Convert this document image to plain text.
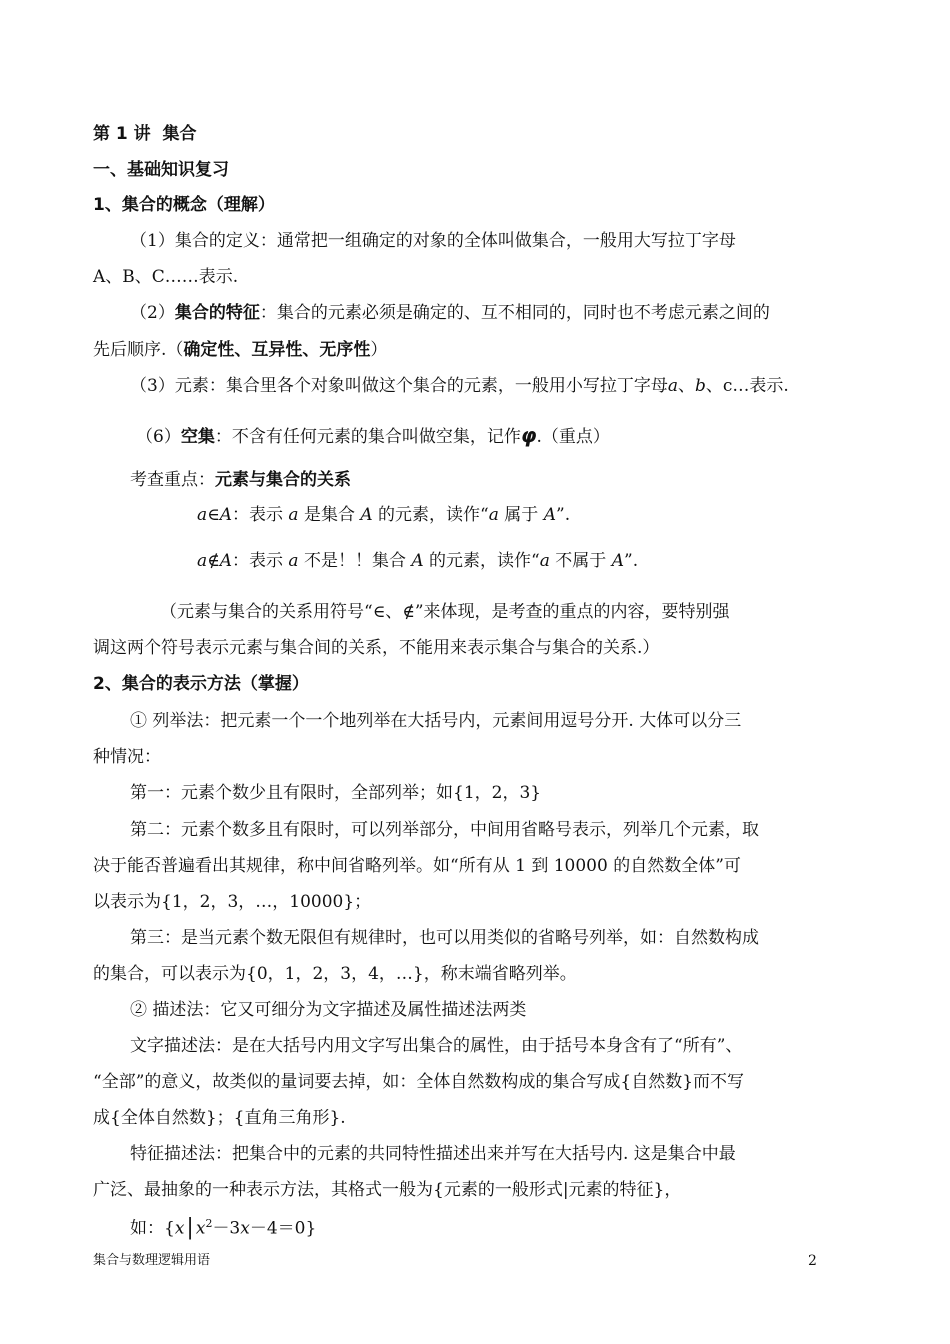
第 1 讲 集合
一、基础知识复习
1、集合的概念（理解）
（1）集合的定义：通常把一组确定的对象的全体叫做集合，一般用大写拉丁字母
A、B、C……表示.
（2）集合的特征：集合的元素必须是确定的、互不相同的，同时也不考虑元素之间的
先后顺序.（确定性、互异性、无序性）
（3）元素：集合里各个对象叫做这个集合的元素，一般用小写拉丁字母a、b、c…表示.
（6）空集：不含有任何元素的集合叫做空集，记作φ.（重点）
考查重点：元素与集合的关系
a∈A：表示 a 是集合 A 的元素，读作“a 属于 A”.
a∉A：表示 a 不是！！集合 A 的元素，读作“a 不属于 A”.
（元素与集合的关系用符号“∈、∉”来体现，是考查的重点的内容，要特别强
调这两个符号表示元素与集合间的关系，不能用来表示集合与集合的关系.）
2、集合的表示方法（掌握）
① 列举法：把元素一个一个地列举在大括号内，元素间用逗号分开. 大体可以分三
种情况：
第一：元素个数少且有限时，全部列举；如{1，2，3}
第二：元素个数多且有限时，可以列举部分，中间用省略号表示，列举几个元素，取
决于能否普遍看出其规律，称中间省略列举。如“所有从 1 到 10000 的自然数全体”可
以表示为{1，2，3，…，10000}；
第三：是当元素个数无限但有规律时，也可以用类似的省略号列举，如：自然数构成
的集合，可以表示为{0，1，2，3，4，…}，称末端省略列举。
② 描述法：它又可细分为文字描述及属性描述法两类
文字描述法：是在大括号内用文字写出集合的属性，由于括号本身含有了“所有”、
“全部”的意义，故类似的量词要去掉，如：全体自然数构成的集合写成{自然数}而不写
成{全体自然数}；{直角三角形}.
特征描述法：把集合中的元素的共同特性描述出来并写在大括号内. 这是集合中最
广泛、最抽象的一种表示方法，其格式一般为{元素的一般形式|元素的特征}，
如：{x| $x^2-3x-4=0$}
集合与数理逻辑用语	2
